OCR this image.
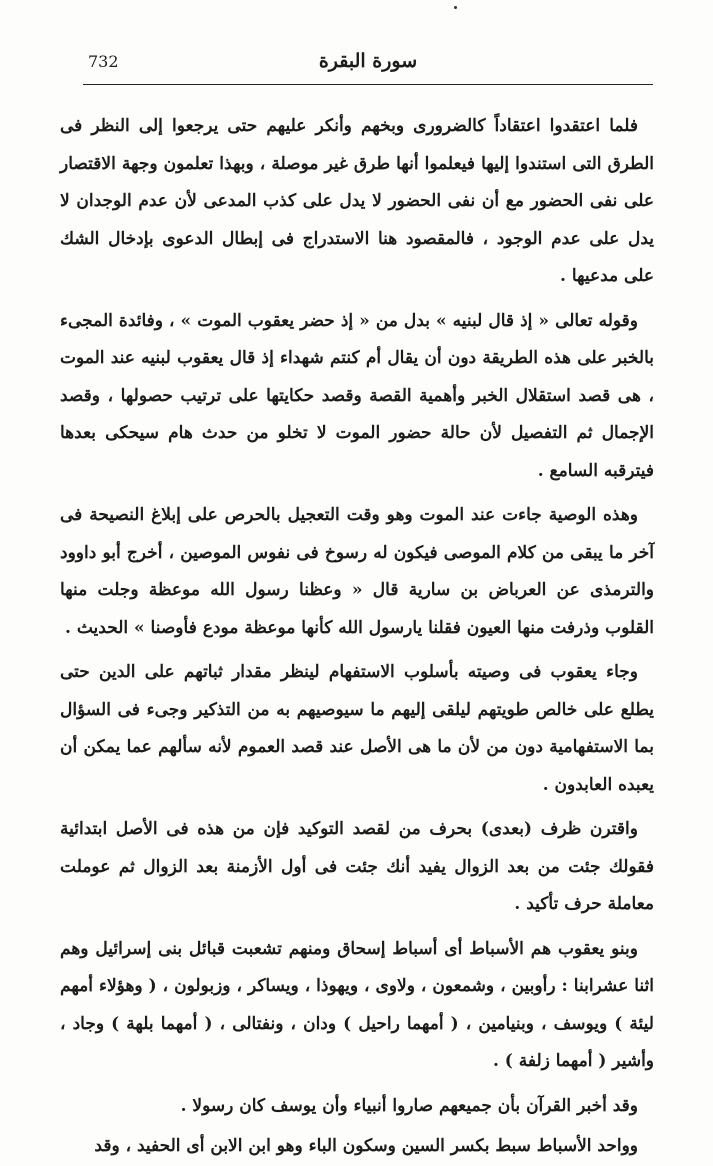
732	سورة البقرة

فلما اعتقدوا اعتقاداً كالضرورى وبخهم وأنكر عليهم حتى يرجعوا إلى النظر فى الطرق التى استندوا إليها فيعلموا أنها طرق غير موصلة ، وبهذا تعلمون وجهة الاقتصار على نفى الحضور مع أن نفى الحضور لا يدل على كذب المدعى لأن عدم الوجدان لا يدل على عدم الوجود ، فالمقصود هنا الاستدراج فى إبطال الدعوى بإدخال الشك على مدعيها .

وقوله تعالى « إذ قال لبنيه » بدل من « إذ حضر يعقوب الموت » ، وفائدة المجىء بالخبر على هذه الطريقة دون أن يقال أم كنتم شهداء إذ قال يعقوب لبنيه عند الموت ، هى قصد استقلال الخبر وأهمية القصة وقصد حكايتها على ترتيب حصولها ، وقصد الإجمال ثم التفصيل لأن حالة حضور الموت لا تخلو من حدث هام سيحكى بعدها فيترقبه السامع .

وهذه الوصية جاءت عند الموت وهو وقت التعجيل بالحرص على إبلاغ النصيحة فى آخر ما يبقى من كلام الموصى فيكون له رسوخ فى نفوس الموصين ، أخرج أبو داوود والترمذى عن العرباض بن سارية قال « وعظنا رسول الله موعظة وجلت منها القلوب وذرفت منها العيون فقلنا يارسول الله كأنها موعظة مودع فأوصنا » الحديث .

وجاء يعقوب فى وصيته بأسلوب الاستفهام لينظر مقدار ثباتهم على الدين حتى يطلع على خالص طويتهم ليلقى إليهم ما سيوصيهم به من التذكير وجىء فى السؤال بما الاستفهامية دون من لأن ما هى الأصل عند قصد العموم لأنه سألهم عما يمكن أن يعبده العابدون .

واقترن ظرف (بعدى) بحرف من لقصد التوكيد فإن من هذه فى الأصل ابتدائية فقولك جئت من بعد الزوال يفيد أنك جئت فى أول الأزمنة بعد الزوال ثم عوملت معاملة حرف تأكيد .

وبنو يعقوب هم الأسباط أى أسباط إسحاق ومنهم تشعبت قبائل بنى إسرائيل وهم اثنا عشرابنا : رأوبين ، وشمعون ، ولاوى ، ويهوذا ، ويساكر ، وزبولون ، ( وهؤلاء أمهم ليئة ) ويوسف ، وبنيامين ، ( أمهما راحيل ) ودان ، ونفتالى ، ( أمهما بلهة ) وجاد ، وأشير ( أمهما زلفة ) .

وقد أخبر القرآن بأن جميعهم صاروا أنبياء وأن يوسف كان رسولا .

وواحد الأسباط سبط بكسر السين وسكون الباء وهو ابن الابن أى الحفيد ، وقد
